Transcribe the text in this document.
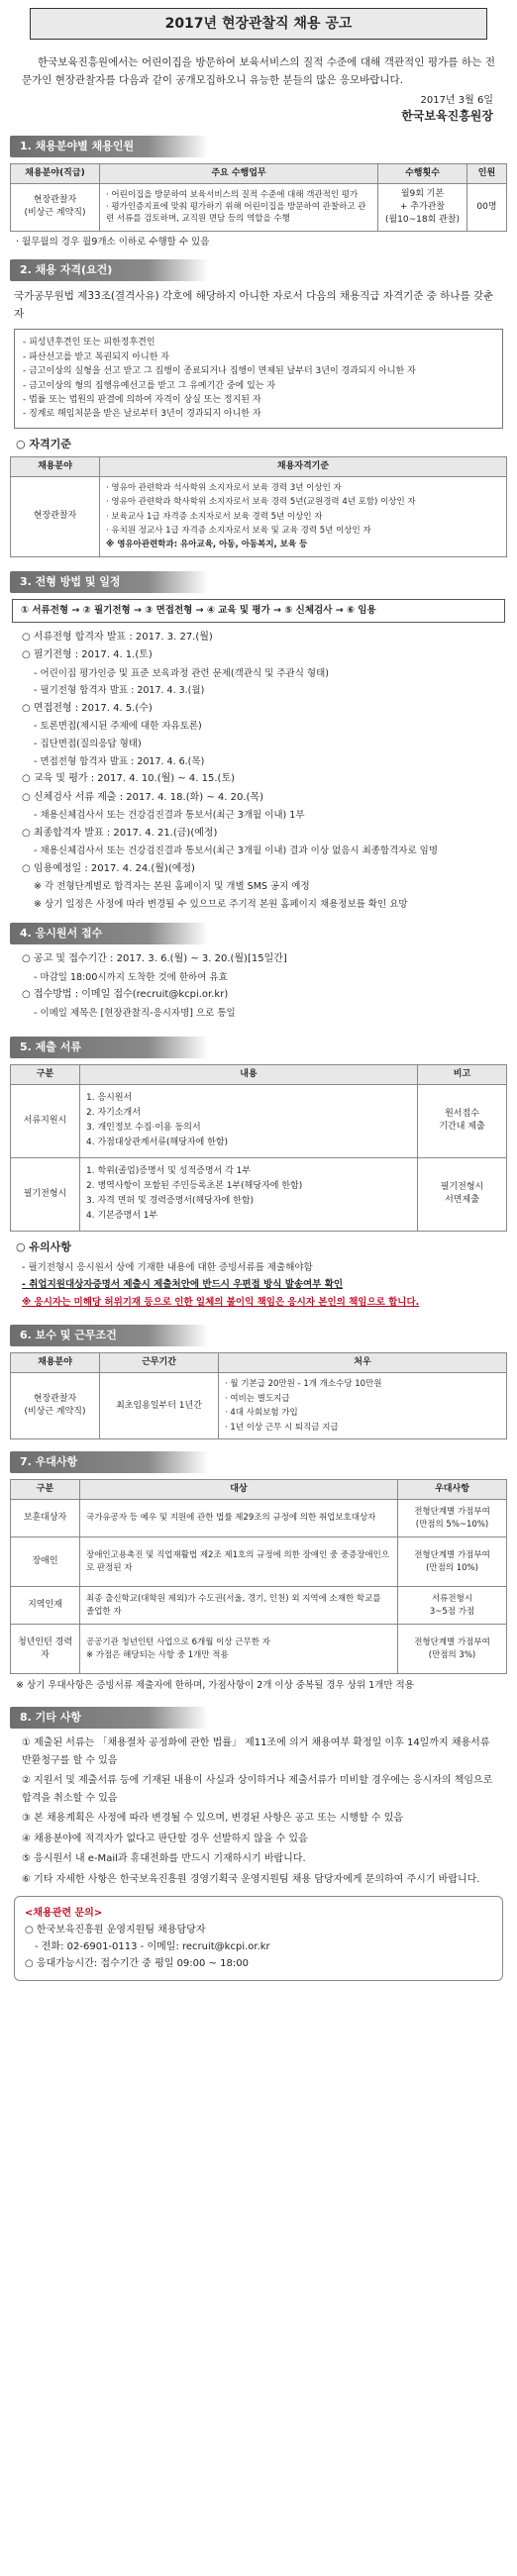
2017년 현장관찰직 채용 공고

한국보육진흥원에서는 어린이집을 방문하여 보육서비스의 질적 수준에 대해 객관적인 평가를 하는 전문가인 현장관찰자를 다음과 같이 공개모집하오니 유능한 분들의 많은 응모바랍니다.

2017년 3월 6일
한국보육진흥원장
1. 채용분야별 채용인원
채용분야(직급)	주요 수행업무	수행횟수	인원
현장관찰자
(비상근 계약직)	· 어린이집을 방문하여 보육서비스의 질적 수준에 대해 객관적인 평가
· 평가인증지표에 맞춰 평가하기 위해 어린이집을 방문하여 관찰하고 관련 서류를 검토하며, 교직원 면담 등의 역할을 수행	월9회 기본
+ 추가관찰
(월10~18회 관찰)	00명
· 월무월의 경우 월9개소 이하로 수행할 수 있음
2. 채용 자격(요건)

국가공무원법 제33조(결격사유) 각호에 해당하지 아니한 자로서 다음의 채용직급 자격기준 중 하나를 갖춘 자

- 피성년후견인 또는 피한정후견인
- 파산선고를 받고 복권되지 아니한 자
- 금고이상의 실형을 선고 받고 그 집행이 종료되거나 집행이 면제된 날부터 3년이 경과되지 아니한 자
- 금고이상의 형의 집행유예선고를 받고 그 유예기간 중에 있는 자
- 법률 또는 법원의 판결에 의하여 자격이 상실 또는 정지된 자
- 징계로 해임처분을 받은 날로부터 3년이 경과되지 아니한 자
○ 자격기준
채용분야	채용자격기준
현장관찰자	· 영유아 관련학과 석사학위 소지자로서 보육 경력 3년 이상인 자
· 영유아 관련학과 학사학위 소지자로서 보육 경력 5년(교원경력 4년 포함) 이상인 자
· 보육교사 1급 자격증 소지자로서 보육 경력 5년 이상인 자
· 유치원 정교사 1급 자격증 소지자로서 보육 및 교육 경력 5년 이상인 자
※ 영유아관련학과: 유아교육, 아동, 아동복지, 보육 등
3. 전형 방법 및 일정
① 서류전형 → ② 필기전형 → ③ 면접전형 → ④ 교육 및 평가 → ⑤ 신체검사 → ⑥ 임용
○ 서류전형 합격자 발표 : 2017. 3. 27.(월)
○ 필기전형 : 2017. 4. 1.(토)
- 어린이집 평가인증 및 표준 보육과정 관련 문제(객관식 및 주관식 형태)
- 필기전형 합격자 발표 : 2017. 4. 3.(월)
○ 면접전형 : 2017. 4. 5.(수)
- 토론면접(제시된 주제에 대한 자유토론)
- 집단면접(질의응답 형태)
- 면접전형 합격자 발표 : 2017. 4. 6.(목)
○ 교육 및 평가 : 2017. 4. 10.(월) ~ 4. 15.(토)
○ 신체검사 서류 제출 : 2017. 4. 18.(화) ~ 4. 20.(목)
- 채용신체검사서 또는 건강검진결과 통보서(최근 3개월 이내) 1부
○ 최종합격자 발표 : 2017. 4. 21.(금)(예정)
- 채용신체검사서 또는 건강검진결과 통보서(최근 3개월 이내) 결과 이상 없음시 최종합격자로 임명
○ 임용예정일 : 2017. 4. 24.(월)(예정)
※ 각 전형단계별로 합격자는 본원 홈페이지 및 개별 SMS 공지 예정
※ 상기 일정은 사정에 따라 변경될 수 있으므로 주기적 본원 홈페이지 채용정보를 확인 요망
4. 응시원서 접수
○ 공고 및 접수기간 : 2017. 3. 6.(월) ~ 3. 20.(월)[15일간]
- 마감일 18:00시까지 도착한 것에 한하여 유효
○ 접수방법 : 이메일 접수(recruit@kcpi.or.kr)
- 이메일 제목은 [현장관찰직-응시자명] 으로 통일
5. 제출 서류
구분	내용	비고
서류지원시	1. 응시원서
2. 자기소개서
3. 개인정보 수집·이용 동의서
4. 가점대상관계서류(해당자에 한함)	원서접수
기간내 제출
필기전형시	1. 학위(졸업)증명서 및 성적증명서 각 1부
2. 병역사항이 포함된 주민등록초본 1부(해당자에 한함)
3. 자격 면허 및 경력증명서(해당자에 한함)
4. 기본증명서 1부	필기전형시
서면제출
○ 유의사항
- 필기전형시 응시원서 상에 기재한 내용에 대한 증빙서류를 제출해야함
- 취업지원대상자증명서 제출시 제출처안에 반드시 우편접 방식 발송여부 확인
※ 응시자는 미해당 허위기재 등으로 인한 일체의 불이익 책임은 응시자 본인의 책임으로 합니다.
6. 보수 및 근무조건
채용분야	근무기간	처우
현장관찰자
(비상근 계약직)	최초임용일부터 1년간	· 월 기본급 20만원 - 1개 개소수당 10만원
· 여비는 별도지급
· 4대 사회보험 가입
· 1년 이상 근무 시 퇴직금 지급
7. 우대사항
구분	대상	우대사항
보훈대상자	국가유공자 등 예우 및 지원에 관한 법률 제29조의 규정에 의한 취업보호대상자	전형단계별 가점부여
(만점의 5%~10%)
장애인	장애인고용촉진 및 직업재활법 제2조 제1호의 규정에 의한 장애인 중 중증장애인으로 판정된 자	전형단계별 가점부여
(만점의 10%)
지역인재	최종 출신학교(대학원 제외)가 수도권(서울, 경기, 인천) 외 지역에 소재한 학교를 졸업한 자	서류전형시
3~5점 가점
청년인턴 경력자	공공기관 청년인턴 사업으로 6개월 이상 근무한 자
※ 가점은 해당되는 사항 중 1개만 적용	전형단계별 가점부여
(만점의 3%)
※ 상기 우대사항은 증빙서류 제출자에 한하며, 가점사항이 2개 이상 중복될 경우 상위 1개만 적용
8. 기타 사항
① 제출된 서류는 「채용절차 공정화에 관한 법률」 제11조에 의거 채용여부 확정일 이후 14일까지 채용서류 반환청구를 할 수 있음
② 지원서 및 제출서류 등에 기재된 내용이 사실과 상이하거나 제출서류가 미비할 경우에는 응시자의 책임으로 합격을 취소할 수 있음
③ 본 채용계획은 사정에 따라 변경될 수 있으며, 변경된 사항은 공고 또는 시행할 수 있음
④ 채용분야에 적격자가 없다고 판단할 경우 선발하지 않을 수 있음
⑤ 응시원서 내 e-Mail과 휴대전화를 반드시 기재하시기 바랍니다.
⑥ 기타 자세한 사항은 한국보육진흥원 경영기획국 운영지원팀 채용 담당자에게 문의하여 주시기 바랍니다.
<채용관련 문의>
○ 한국보육진흥원 운영지원팀 채용담당자
- 전화: 02-6901-0113 - 이메일: recruit@kcpi.or.kr
○ 응대가능시간: 접수기간 중 평일 09:00 ~ 18:00
